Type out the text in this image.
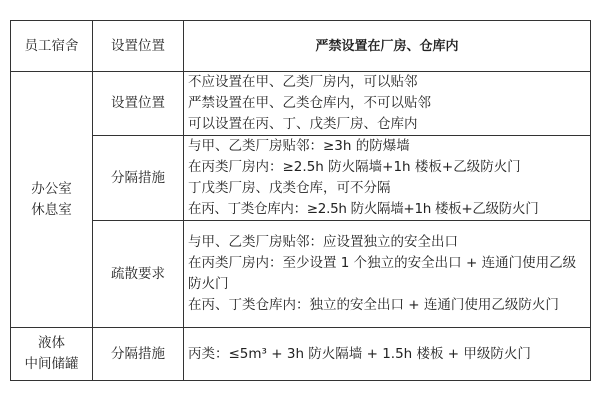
员工宿舍	设置位置	严禁设置在厂房、仓库内

办公室
休息室	设置位置	不应设置在甲、乙类厂房内，可以贴邻
严禁设置在甲、乙类仓库内，不可以贴邻
可以设置在丙、丁、戊类厂房、仓库内

	分隔措施	与甲、乙类厂房贴邻：≥3h 的防爆墙
在丙类厂房内：≥2.5h 防火隔墙+1h 楼板+乙级防火门
丁戊类厂房、戊类仓库，可不分隔
在丙、丁类仓库内：≥2.5h 防火隔墙+1h 楼板+乙级防火门

	疏散要求	与甲、乙类厂房贴邻：应设置独立的安全出口
在丙类厂房内：至少设置 1 个独立的安全出口 + 连通门使用乙级防火门
在丙、丁类仓库内：独立的安全出口 + 连通门使用乙级防火门

液体
中间储罐	分隔措施	丙类：≤5m³ + 3h 防火隔墙 + 1.5h 楼板 + 甲级防火门
